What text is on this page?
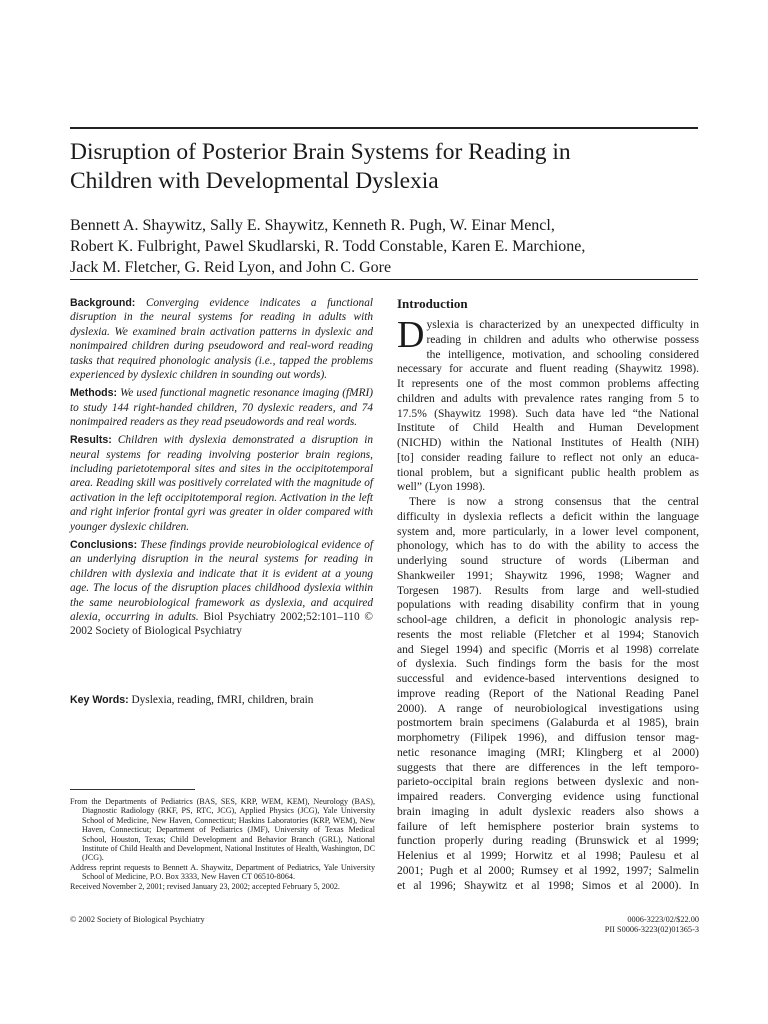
Disruption of Posterior Brain Systems for Reading in
Children with Developmental Dyslexia
Bennett A. Shaywitz, Sally E. Shaywitz, Kenneth R. Pugh, W. Einar Mencl,
Robert K. Fulbright, Pawel Skudlarski, R. Todd Constable, Karen E. Marchione,
Jack M. Fletcher, G. Reid Lyon, and John C. Gore

Background: Converging evidence indicates a functional disruption in the neural systems for reading in adults with dyslexia. We examined brain activation patterns in dyslexic and nonimpaired children during pseudoword and real-word reading tasks that required phonologic analysis (i.e., tapped the problems experienced by dyslexic children in sounding out words).

Methods: We used functional magnetic resonance imaging (fMRI) to study 144 right-handed children, 70 dyslexic readers, and 74 nonimpaired readers as they read pseudowords and real words.

Results: Children with dyslexia demonstrated a disruption in neural systems for reading involving posterior brain regions, including parietotemporal sites and sites in the occipitotemporal area. Reading skill was positively correlated with the magnitude of activation in the left occipitotemporal region. Activation in the left and right inferior frontal gyri was greater in older compared with younger dyslexic children.

Conclusions: These findings provide neurobiological evidence of an underlying disruption in the neural systems for reading in children with dyslexia and indicate that it is evident at a young age. The locus of the disruption places childhood dyslexia within the same neurobiological framework as dyslexia, and acquired alexia, occurring in adults. Biol Psychiatry 2002;52:101–110 © 2002 Society of Biological Psychiatry

Key Words: Dyslexia, reading, fMRI, children, brain

From the Departments of Pediatrics (BAS, SES, KRP, WEM, KEM), Neurology (BAS), Diagnostic Radiology (RKF, PS, RTC, JCG), Applied Physics (JCG), Yale University School of Medicine, New Haven, Connecticut; Haskins Laboratories (KRP, WEM), New Haven, Connecticut; Department of Pediatrics (JMF), University of Texas Medical School, Houston, Texas; Child Development and Behavior Branch (GRL), National Institute of Child Health and Development, National Institutes of Health, Washington, DC (JCG).

Address reprint requests to Bennett A. Shaywitz, Department of Pediatrics, Yale University School of Medicine, P.O. Box 3333, New Haven CT 06510-8064.

Received November 2, 2001; revised January 23, 2002; accepted February 5, 2002.

Introduction
D yslexia is characterized by an unexpected difficulty in
reading in children and adults who otherwise possess
the intelligence, motivation, and schooling considered
necessary for accurate and fluent reading (Shaywitz 1998).
It represents one of the most common problems affecting
children and adults with prevalence rates ranging from 5 to
17.5% (Shaywitz 1998). Such data have led “the National
Institute of Child Health and Human Development
(NICHD) within the National Institutes of Health (NIH)
[to] consider reading failure to reflect not only an educa-
tional problem, but a significant public health problem as
well” (Lyon 1998).
There is now a strong consensus that the central
difficulty in dyslexia reflects a deficit within the language
system and, more particularly, in a lower level component,
phonology, which has to do with the ability to access the
underlying sound structure of words (Liberman and
Shankweiler 1991; Shaywitz 1996, 1998; Wagner and
Torgesen 1987). Results from large and well-studied
populations with reading disability confirm that in young
school-age children, a deficit in phonologic analysis rep-
resents the most reliable (Fletcher et al 1994; Stanovich
and Siegel 1994) and specific (Morris et al 1998) correlate
of dyslexia. Such findings form the basis for the most
successful and evidence-based interventions designed to
improve reading (Report of the National Reading Panel
2000). A range of neurobiological investigations using
postmortem brain specimens (Galaburda et al 1985), brain
morphometry (Filipek 1996), and diffusion tensor mag-
netic resonance imaging (MRI; Klingberg et al 2000)
suggests that there are differences in the left temporo-
parieto-occipital brain regions between dyslexic and non-
impaired readers. Converging evidence using functional
brain imaging in adult dyslexic readers also shows a
failure of left hemisphere posterior brain systems to
function properly during reading (Brunswick et al 1999;
Helenius et al 1999; Horwitz et al 1998; Paulesu et al
2001; Pugh et al 2000; Rumsey et al 1992, 1997; Salmelin
et al 1996; Shaywitz et al 1998; Simos et al 2000). In
© 2002 Society of Biological Psychiatry	0006-3223/02/$22.00
PII S0006-3223(02)01365-3
